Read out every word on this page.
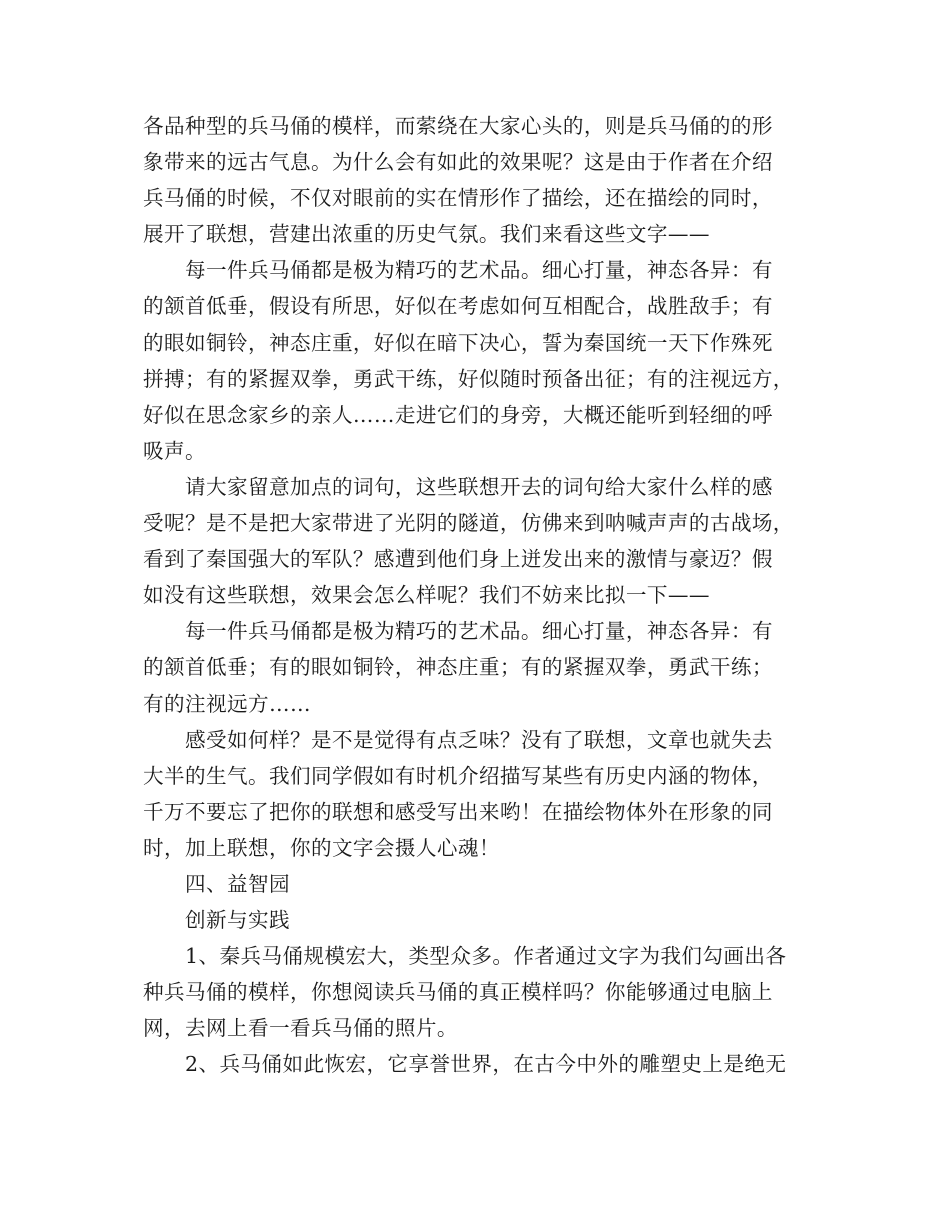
各品种型的兵马俑的模样，而萦绕在大家心头的，则是兵马俑的的形
象带来的远古气息。为什么会有如此的效果呢？这是由于作者在介绍
兵马俑的时候，不仅对眼前的实在情形作了描绘，还在描绘的同时，
展开了联想，营建出浓重的历史气氛。我们来看这些文字——
每一件兵马俑都是极为精巧的艺术品。细心打量，神态各异：有
的颔首低垂，假设有所思，好似在考虑如何互相配合，战胜敌手；有
的眼如铜铃，神态庄重，好似在暗下决心，誓为秦国统一天下作殊死
拼搏；有的紧握双拳，勇武干练，好似随时预备出征；有的注视远方，
好似在思念家乡的亲人……走进它们的身旁，大概还能听到轻细的呼
吸声。
请大家留意加点的词句，这些联想开去的词句给大家什么样的感
受呢？是不是把大家带进了光阴的隧道，仿佛来到呐喊声声的古战场，
看到了秦国强大的军队？感遭到他们身上迸发出来的激情与豪迈？假
如没有这些联想，效果会怎么样呢？我们不妨来比拟一下——
每一件兵马俑都是极为精巧的艺术品。细心打量，神态各异：有
的颔首低垂；有的眼如铜铃，神态庄重；有的紧握双拳，勇武干练；
有的注视远方……
感受如何样？是不是觉得有点乏味？没有了联想，文章也就失去
大半的生气。我们同学假如有时机介绍描写某些有历史内涵的物体，
千万不要忘了把你的联想和感受写出来哟！在描绘物体外在形象的同
时，加上联想，你的文字会摄人心魂！
四、益智园
创新与实践
1、秦兵马俑规模宏大，类型众多。作者通过文字为我们勾画出各
种兵马俑的模样，你想阅读兵马俑的真正模样吗？你能够通过电脑上
网，去网上看一看兵马俑的照片。
2、兵马俑如此恢宏，它享誉世界，在古今中外的雕塑史上是绝无
